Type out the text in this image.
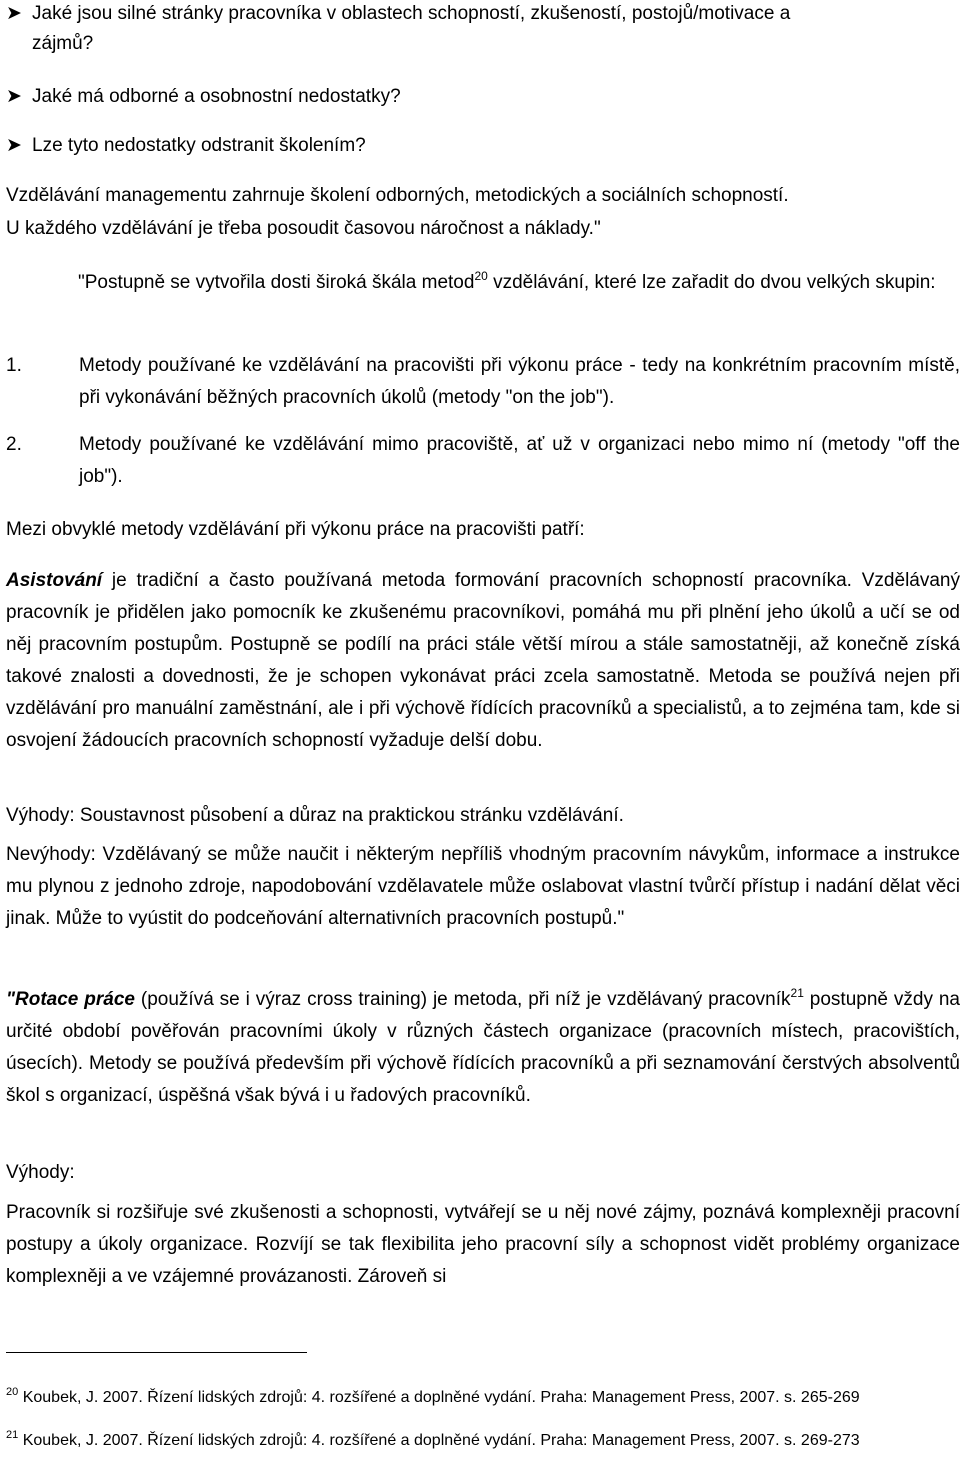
➤ Jaké jsou silné stránky pracovníka v oblastech schopností, zkušeností, postojů/motivace a
zájmů?
➤ Jaké má odborné a osobnostní nedostatky?
➤ Lze tyto nedostatky odstranit školením?
Vzdělávání managementu zahrnuje školení odborných, metodických a sociálních schopností.
U každého vzdělávání je třeba posoudit časovou náročnost a náklady."

"Postupně se vytvořila dosti široká škála metod$^{20}$ vzdělávání, které lze zařadit do dvou velkých skupin:

1.	Metody používané ke vzdělávání na pracovišti při výkonu práce - tedy na konkrétním pracovním místě, při vykonávání běžných pracovních úkolů (metody "on the job").

2.	Metody používané ke vzdělávání mimo pracoviště, ať už v organizaci nebo mimo ní (metody "off the job").

Mezi obvyklé metody vzdělávání při výkonu práce na pracovišti patří:

Asistování je tradiční a často používaná metoda formování pracovních schopností pracovníka. Vzdělávaný pracovník je přidělen jako pomocník ke zkušenému pracovníkovi, pomáhá mu při plnění jeho úkolů a učí se od něj pracovním postupům. Postupně se podílí na práci stále větší mírou a stále samostatněji, až konečně získá takové znalosti a dovednosti, že je schopen vykonávat práci zcela samostatně. Metoda se používá nejen při vzdělávání pro manuální zaměstnání, ale i při výchově řídících pracovníků a specialistů, a to zejména tam, kde si osvojení žádoucích pracovních schopností vyžaduje delší dobu.

Výhody: Soustavnost působení a důraz na praktickou stránku vzdělávání.

Nevýhody: Vzdělávaný se může naučit i některým nepříliš vhodným pracovním návykům, informace a instrukce mu plynou z jednoho zdroje, napodobování vzdělavatele může oslabovat vlastní tvůrčí přístup i nadání dělat věci jinak. Může to vyústit do podceňování alternativních pracovních postupů."

"Rotace práce (používá se i výraz cross training) je metoda, při níž je vzdělávaný pracovník$^{21}$ postupně vždy na určité období pověřován pracovními úkoly v různých částech organizace (pracovních místech, pracovištích, úsecích). Metody se používá především při výchově řídících pracovníků a při seznamování čerstvých absolventů škol s organizací, úspěšná však bývá i u řadových pracovníků.

Výhody:

Pracovník si rozšiřuje své zkušenosti a schopnosti, vytvářejí se u něj nové zájmy, poznává komplexněji pracovní postupy a úkoly organizace. Rozvíjí se tak flexibilita jeho pracovní síly a schopnost vidět problémy organizace komplexněji a ve vzájemné provázanosti. Zároveň si

$^{20}$ Koubek, J. 2007. Řízení lidských zdrojů: 4. rozšířené a doplněné vydání. Praha: Management Press, 2007. s. 265-269

$^{21}$ Koubek, J. 2007. Řízení lidských zdrojů: 4. rozšířené a doplněné vydání. Praha: Management Press, 2007. s. 269-273
